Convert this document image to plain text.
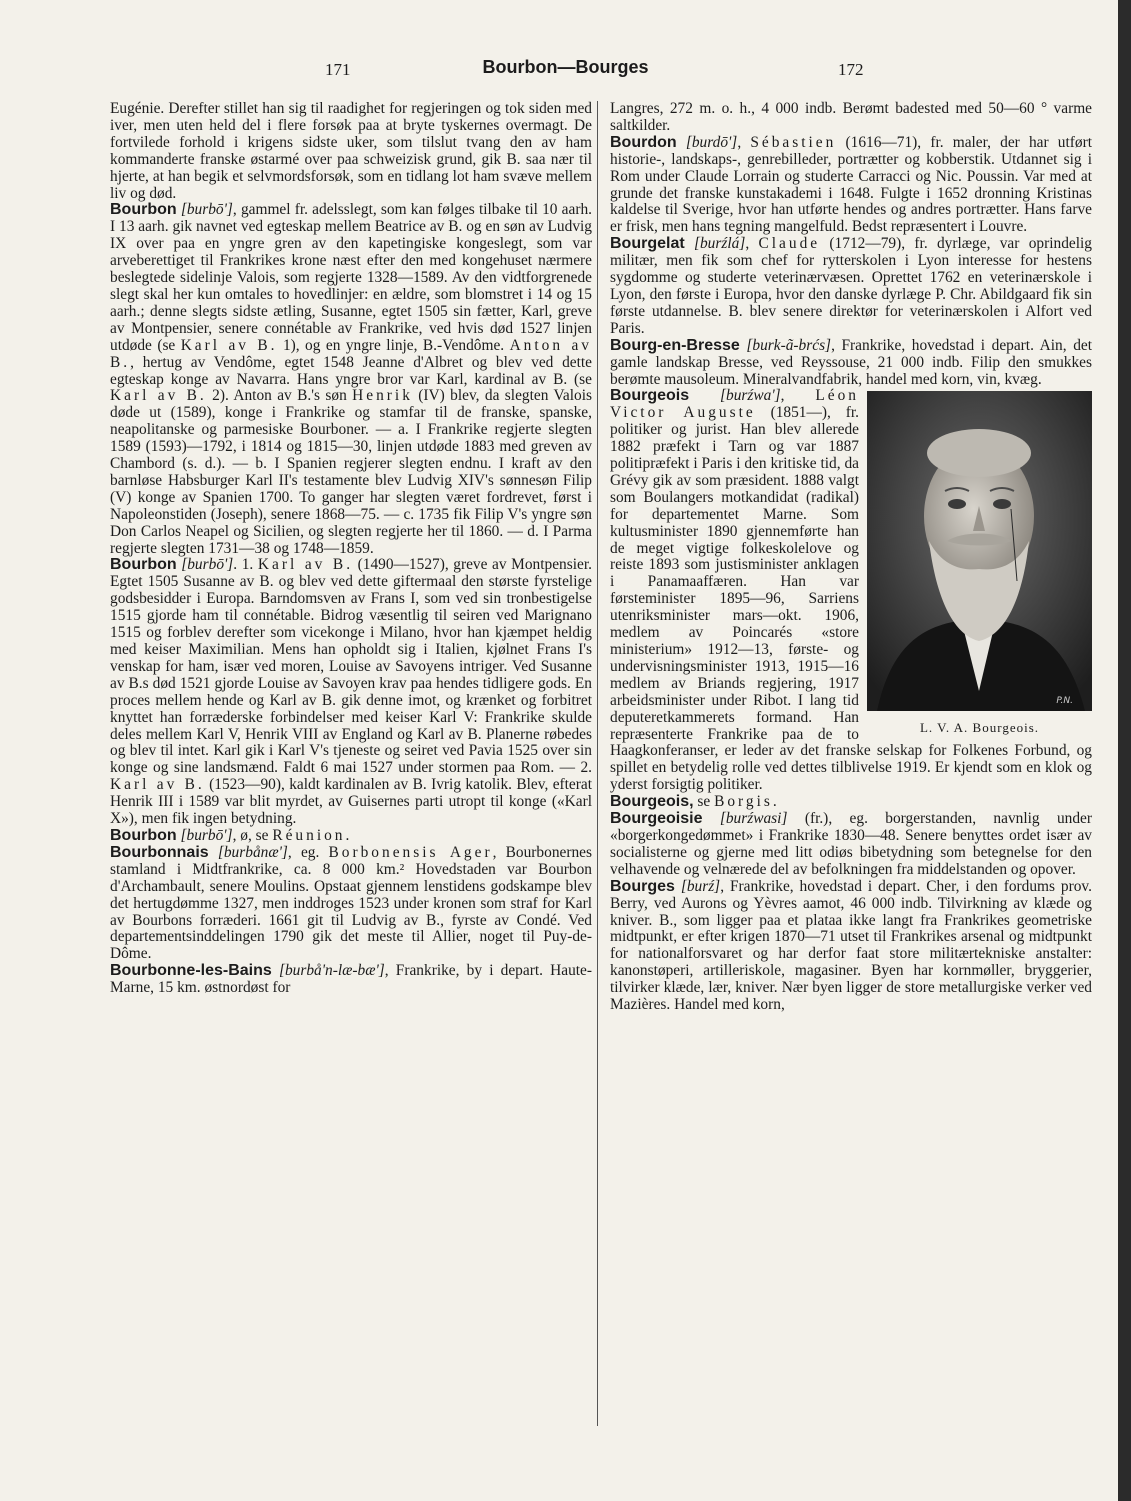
171	Bourbon—Bourges	172

Eugénie. Derefter stillet han sig til raadighet for regjeringen og tok siden med iver, men uten held del i flere forsøk paa at bryte tyskernes overmagt. De fortvilede forhold i krigens sidste uker, som tilslut tvang den av ham kommanderte franske østarmé over paa schweizisk grund, gik B. saa nær til hjerte, at han begik et selvmordsforsøk, som en tidlang lot ham svæve mellem liv og død.

Bourbon [burbō'], gammel fr. adelsslegt, som kan følges tilbake til 10 aarh. I 13 aarh. gik navnet ved egteskap mellem Beatrice av B. og en søn av Ludvig IX over paa en yngre gren av den kapetingiske kongeslegt, som var arveberettiget til Frankrikes krone næst efter den med kongehuset nærmere beslegtede sidelinje Valois, som regjerte 1328—1589. Av den vidtforgrenede slegt skal her kun omtales to hovedlinjer: en ældre, som blomstret i 14 og 15 aarh.; denne slegts sidste ætling, Susanne, egtet 1505 sin fætter, Karl, greve av Montpensier, senere connétable av Frankrike, ved hvis død 1527 linjen utdøde (se Karl av B. 1), og en yngre linje, B.-Vendôme. Anton av B., hertug av Vendôme, egtet 1548 Jeanne d'Albret og blev ved dette egteskap konge av Navarra. Hans yngre bror var Karl, kardinal av B. (se Karl av B. 2). Anton av B.'s søn Henrik (IV) blev, da slegten Valois døde ut (1589), konge i Frankrike og stamfar til de franske, spanske, neapolitanske og parmesiske Bourboner. — a. I Frankrike regjerte slegten 1589 (1593)—1792, i 1814 og 1815—30, linjen utdøde 1883 med greven av Chambord (s. d.). — b. I Spanien regjerer slegten endnu. I kraft av den barnløse Habsburger Karl II's testamente blev Ludvig XIV's sønnesøn Filip (V) konge av Spanien 1700. To ganger har slegten været fordrevet, først i Napoleonstiden (Joseph), senere 1868—75. — c. 1735 fik Filip V's yngre søn Don Carlos Neapel og Sicilien, og slegten regjerte her til 1860. — d. I Parma regjerte slegten 1731—38 og 1748—1859.

Bourbon [burbō']. 1. Karl av B. (1490—1527), greve av Montpensier. Egtet 1505 Susanne av B. og blev ved dette giftermaal den største fyrstelige godsbesidder i Europa. Barndomsven av Frans I, som ved sin tronbestigelse 1515 gjorde ham til connétable. Bidrog væsentlig til seiren ved Marignano 1515 og forblev derefter som vicekonge i Milano, hvor han kjæmpet heldig med keiser Maximilian. Mens han opholdt sig i Italien, kjølnet Frans I's venskap for ham, især ved moren, Louise av Savoyens intriger. Ved Susanne av B.s død 1521 gjorde Louise av Savoyen krav paa hendes tidligere gods. En proces mellem hende og Karl av B. gik denne imot, og krænket og forbitret knyttet han forræderske forbindelser med keiser Karl V: Frankrike skulde deles mellem Karl V, Henrik VIII av England og Karl av B. Planerne røbedes og blev til intet. Karl gik i Karl V's tjeneste og seiret ved Pavia 1525 over sin konge og sine landsmænd. Faldt 6 mai 1527 under stormen paa Rom. — 2. Karl av B. (1523—90), kaldt kardinalen av B. Ivrig katolik. Blev, efterat Henrik III i 1589 var blit myrdet, av Guisernes parti utropt til konge («Karl X»), men fik ingen betydning.

Bourbon [burbō'], ø, se Réunion.

Bourbonnais [burbånæ'], eg. Borbonensis Ager, Bourbonernes stamland i Midtfrankrike, ca. 8 000 km.² Hovedstaden var Bourbon d'Archambault, senere Moulins. Opstaat gjennem lenstidens godskampe blev det hertugdømme 1327, men inddroges 1523 under kronen som straf for Karl av Bourbons forræderi. 1661 git til Ludvig av B., fyrste av Condé. Ved departementsinddelingen 1790 gik det meste til Allier, noget til Puy-de-Dôme.

Bourbonne-les-Bains [burbå'n-læ-bæ'], Frankrike, by i depart. Haute-Marne, 15 km. østnordøst for

Langres, 272 m. o. h., 4 000 indb. Berømt badested med 50—60 ° varme saltkilder.

Bourdon [burdō'], Sébastien (1616—71), fr. maler, der har utført historie-, landskaps-, genrebilleder, portrætter og kobberstik. Utdannet sig i Rom under Claude Lorrain og studerte Carracci og Nic. Poussin. Var med at grunde det franske kunstakademi i 1648. Fulgte i 1652 dronning Kristinas kaldelse til Sverige, hvor han utførte hendes og andres portrætter. Hans farve er frisk, men hans tegning mangelfuld. Bedst repræsentert i Louvre.

Bourgelat [burźlá], Claude (1712—79), fr. dyrlæge, var oprindelig militær, men fik som chef for rytterskolen i Lyon interesse for hestens sygdomme og studerte veterinærvæsen. Oprettet 1762 en veterinærskole i Lyon, den første i Europa, hvor den danske dyrlæge P. Chr. Abildgaard fik sin første utdannelse. B. blev senere direktør for veterinærskolen i Alfort ved Paris.

Bourg-en-Bresse [burk-ã-brćs], Frankrike, hovedstad i depart. Ain, det gamle landskap Bresse, ved Reyssouse, 21 000 indb. Filip den smukkes berømte mausoleum. Mineralvandfabrik, handel med korn, vin, kvæg.

P.N.
L. V. A. Bourgeois.
Bourgeois [burźwa'], Léon Victor Auguste (1851—), fr. politiker og jurist. Han blev allerede 1882 præfekt i Tarn og var 1887 politipræfekt i Paris i den kritiske tid, da Grévy gik av som præsident. 1888 valgt som Boulangers motkandidat (radikal) for departementet Marne. Som kultusminister 1890 gjennemførte han de meget vigtige folkeskolelove og reiste 1893 som justisminister anklagen i Panamaaffæren. Han var førsteminister 1895—96, Sarriens utenriksminister mars—okt. 1906, medlem av Poincarés «store ministerium» 1912—13, første- og undervisningsminister 1913, 1915—16 medlem av Briands regjering, 1917 arbeidsminister under Ribot. I lang tid deputeretkammerets formand. Han repræsenterte Frankrike paa de to Haagkonferanser, er leder av det franske selskap for Folkenes Forbund, og spillet en betydelig rolle ved dettes tilblivelse 1919. Er kjendt som en klok og yderst forsigtig politiker.

Bourgeois, se Borgis.

Bourgeoisie [burźwasi] (fr.), eg. borgerstanden, navnlig under «borgerkongedømmet» i Frankrike 1830—48. Senere benyttes ordet især av socialisterne og gjerne med litt odiøs bibetydning som betegnelse for den velhavende og velnærede del av befolkningen fra middelstanden og opover.

Bourges [burź], Frankrike, hovedstad i depart. Cher, i den fordums prov. Berry, ved Aurons og Yèvres aamot, 46 000 indb. Tilvirkning av klæde og kniver. B., som ligger paa et plataa ikke langt fra Frankrikes geometriske midtpunkt, er efter krigen 1870—71 utset til Frankrikes arsenal og midtpunkt for nationalforsvaret og har derfor faat store militærtekniske anstalter: kanonstøperi, artilleriskole, magasiner. Byen har kornmøller, bryggerier, tilvirker klæde, lær, kniver. Nær byen ligger de store metallurgiske verker ved Mazières. Handel med korn,
